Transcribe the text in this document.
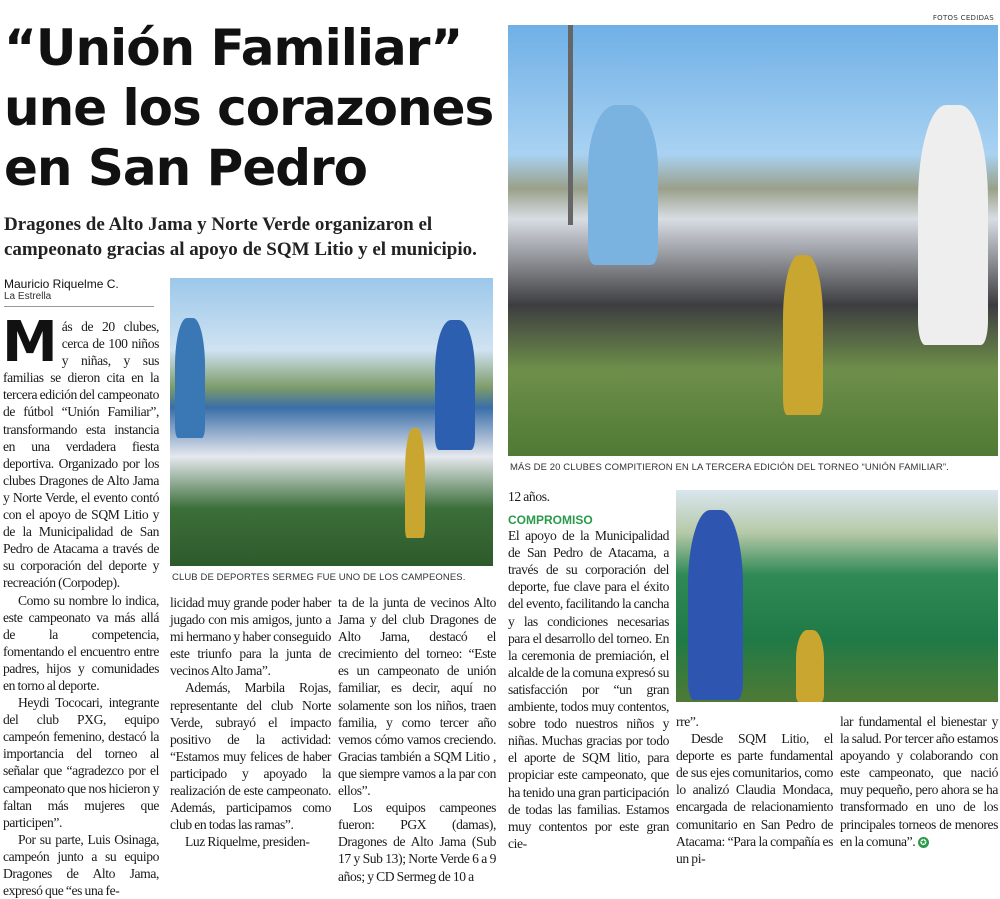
FOTOS CEDIDAS
“Unión Familiar” une los corazones en San Pedro
Dragones de Alto Jama y Norte Verde organizaron el campeonato gracias al apoyo de SQM Litio y el municipio.
Mauricio Riquelme C.
La Estrella

Más de 20 clubes, cerca de 100 niños y niñas, y sus familias se dieron cita en la tercera edición del campeonato de fútbol “Unión Familiar”, transformando esta instancia en una verdadera fiesta deportiva. Organizado por los clubes Dragones de Alto Jama y Norte Verde, el evento contó con el apoyo de SQM Litio y de la Municipalidad de San Pedro de Atacama a través de su corporación del deporte y recreación (Corpodep).

Como su nombre lo indica, este campeonato va más allá de la competencia, fomentando el encuentro entre padres, hijos y comunidades en torno al deporte.

Heydi Tococari, integrante del club PXG, equipo campeón femenino, destacó la importancia del torneo al señalar que “agradezco por el campeonato que nos hicieron y faltan más mujeres que participen”.

Por su parte, Luis Osinaga, campeón junto a su equipo Dragones de Alto Jama, expresó que “es una fe-

CLUB DE DEPORTES SERMEG FUE UNO DE LOS CAMPEONES.

licidad muy grande poder haber jugado con mis amigos, junto a mi hermano y haber conseguido este triunfo para la junta de vecinos Alto Jama”.

Además, Marbila Rojas, representante del club Norte Verde, subrayó el impacto positivo de la actividad: “Estamos muy felices de haber participado y apoyado la realización de este campeonato. Además, participamos como club en todas las ramas”.

Luz Riquelme, presiden-

ta de la junta de vecinos Alto Jama y del club Dragones de Alto Jama, destacó el crecimiento del torneo: “Este es un campeonato de unión familiar, es decir, aquí no solamente son los niños, traen familia, y como tercer año vemos cómo vamos creciendo. Gracias también a SQM Litio , que siempre vamos a la par con ellos”.

Los equipos campeones fueron: PGX (damas), Dragones de Alto Jama (Sub 17 y Sub 13); Norte Verde 6 a 9 años; y CD Sermeg de 10 a

MÁS DE 20 CLUBES COMPITIERON EN LA TERCERA EDICIÓN DEL TORNEO “UNIÓN FAMILIAR”.

12 años.

COMPROMISO

El apoyo de la Municipalidad de San Pedro de Atacama, a través de su corporación del deporte, fue clave para el éxito del evento, facilitando la cancha y las condiciones necesarias para el desarrollo del torneo. En la ceremonia de premiación, el alcalde de la comuna expresó su satisfacción por “un gran ambiente, todos muy contentos, sobre todo nuestros niños y niñas. Muchas gracias por todo el aporte de SQM litio, para propiciar este campeonato, que ha tenido una gran participación de todas las familias. Estamos muy contentos por este gran cie-

rre”.

Desde SQM Litio, el deporte es parte fundamental de sus ejes comunitarios, como lo analizó Claudia Mondaca, encargada de relacionamiento comunitario en San Pedro de Atacama: “Para la compañía es un pi-

lar fundamental el bienestar y la salud. Por tercer año estamos apoyando y colaborando con este campeonato, que nació muy pequeño, pero ahora se ha transformado en uno de los principales torneos de menores en la comuna”. ✪
